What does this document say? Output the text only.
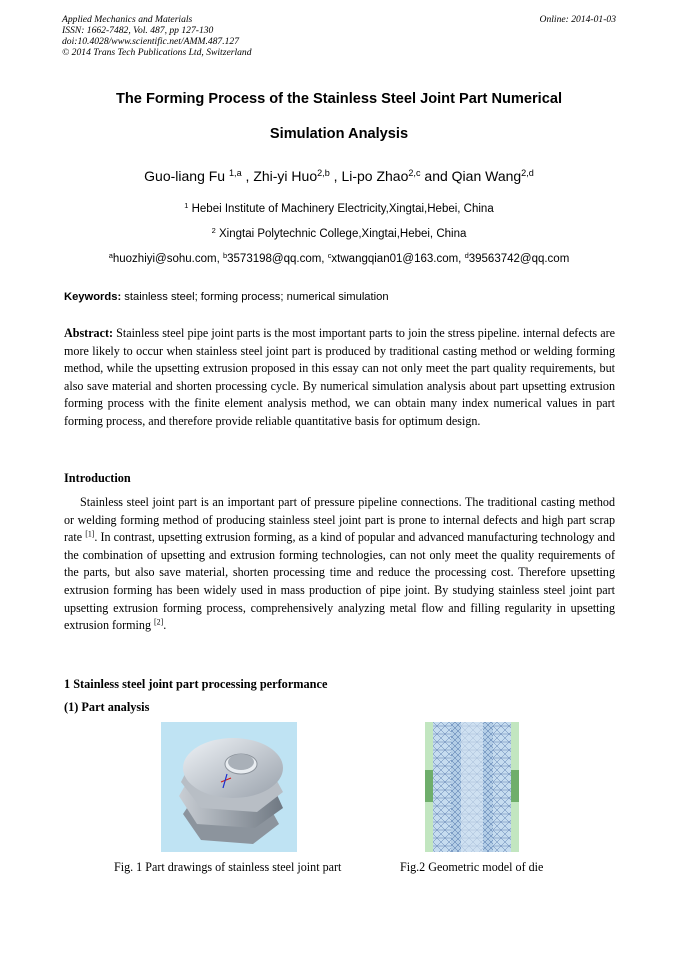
Applied Mechanics and Materials
ISSN: 1662-7482, Vol. 487, pp 127-130
doi:10.4028/www.scientific.net/AMM.487.127
© 2014 Trans Tech Publications Ltd, Switzerland
Online: 2014-01-03
The Forming Process of the Stainless Steel Joint Part Numerical
Simulation Analysis
Guo-liang Fu $^{1,a}$ , Zhi-yi Huo$^{2,b}$ , Li-po Zhao$^{2,c}$ and Qian Wang$^{2,d}$
$^1$ Hebei Institute of Machinery Electricity,Xingtai,Hebei, China
$^2$ Xingtai Polytechnic College,Xingtai,Hebei, China
$^a$huozhiyi@sohu.com, $^b$3573198@qq.com, $^c$xtwangqian01@163.com, $^d$39563742@qq.com
Keywords: stainless steel; forming process; numerical simulation
Abstract: Stainless steel pipe joint parts is the most important parts to join the stress pipeline. internal defects are more likely to occur when stainless steel joint part is produced by traditional casting method or welding forming method, while the upsetting extrusion proposed in this essay can not only meet the part quality requirements, but also save material and shorten processing cycle. By numerical simulation analysis about part upsetting extrusion forming process with the finite element analysis method, we can obtain many index numerical values in part forming process, and therefore provide reliable quantitative basis for optimum design.
Introduction
Stainless steel joint part is an important part of pressure pipeline connections. The traditional casting method or welding forming method of producing stainless steel joint part is prone to internal defects and high part scrap rate [1]. In contrast, upsetting extrusion forming, as a kind of popular and advanced manufacturing technology and the combination of upsetting and extrusion forming technologies, can not only meet the quality requirements of the parts, but also save material, shorten processing time and reduce the processing cost. Therefore upsetting extrusion forming has been widely used in mass production of pipe joint. By studying stainless steel joint part upsetting extrusion forming process, comprehensively analyzing metal flow and filling regularity in upsetting extrusion forming [2].
1 Stainless steel joint part processing performance
(1) Part analysis
Fig. 1 Part drawings of stainless steel joint part	Fig.2 Geometric model of die
